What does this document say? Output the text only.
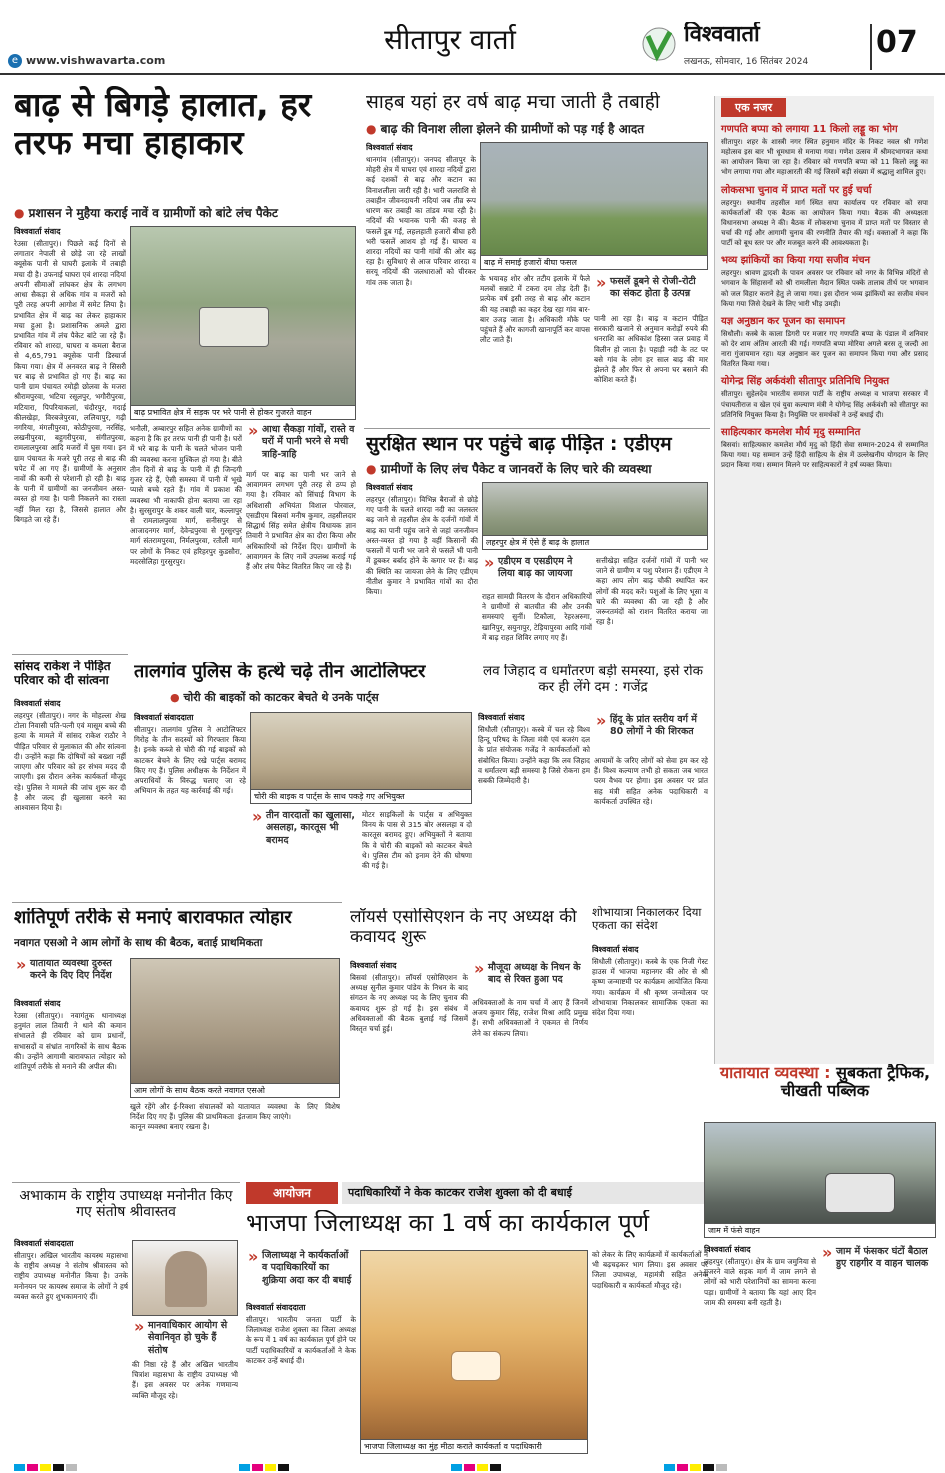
e www.vishwavarta.com
सीतापुर वार्ता	विश्ववार्ता
लखनऊ, सोमवार, 16 सितंबर 2024
07
बाढ़ से बिगड़े हालात, हर तरफ मचा हाहाकार
● प्रशासन ने मुहैया कराई नावें व ग्रामीणों को बांटे लंच पैकेट
विश्ववार्ता संवाद
रेउसा (सीतापुर)। पिछले कई दिनों से लगातार नेपाली से छोड़े जा रहे लाखों क्यूसेक पानी से घाघरी इलाके में तबाही मचा दी है। उफनाई घाघरा एवं शारदा नदियां अपनी सीमाओं लांघकर क्षेत्र के लगभग आधा सैकड़ा से अधिक गांव व मजरों को पूरी तरह अपनी आगोश में समेट लिया है। प्रभावित क्षेत्र में बाढ़ का लेकर हाहाकार मचा हुआ है। प्रशासनिक अमले द्वारा प्रभावित गांव में लंच पैकेट बांटे जा रहे हैं। रविवार को शारदा, घाघरा व कमला बैराज से 4,65,791 क्यूसेक पानी डिस्चार्ज किया गया। क्षेत्र में अनवरत बाढ़ ने सिसरी चर बाढ़ से प्रभावित हो गए हैं। बाढ़ का पानी ग्राम पंचायत रमोड़ी छोलवा के मजरा श्रीरामपुरवा, भटिया रसूलपुर, भगौरीपुरवा, मटियारा, पिपरियाकलां, चंदौरपुर, गदाई कीलखेड़ा, विरबजेपुरवा, ललियापुर, गढ़ी नगरिया, मंगलीपुरवा, कोठीपुरवा, नरसिंह, लखनीपुरवा, बहुगरीपुरवा, संगीतपुरवा, रामलालपुरवा आदि मजरों में घुस गया। इन ग्राम पंचायत के मजरे पूरी तरह से बाढ़ की चपेट में आ गए हैं। ग्रामीणों के अनुसार नावों की कमी से परेशानी हो रही है। बाढ़ के पानी में ग्रामीणों का जनजीवन अस्त-व्यस्त हो गया है। पानी निकलने का रास्ता नहीं मिल रहा है, जिससे हालात और बिगड़ते जा रहे हैं।
बाढ़ प्रभावित क्षेत्र में सड़क पर भरे पानी से होकर गुजरते वाहन
भनौली, अम्बारपुर सहित अनेक ग्रामीणों का कहना है कि हर तरफ पानी ही पानी है। घरों में भरे बाढ़ के पानी के चलते भोजन पानी की व्यवस्था करना मुश्किल हो गया है। बीते तीन दिनों से बाढ़ के पानी में ही जिन्दगी गुजर रहे हैं, ऐसी समस्या में पानी में भूखे प्यासे बच्चे रहते हैं। गांव में प्रकाश की व्यवस्था भी नाकाफी होना बताया जा रहा है। सुरसुरापुर के शकर वाली चार, कल्लापुर से रामलालपुरवा मार्ग, सनीसपुर से आजादनगर मार्ग, देवेन्द्रपुरवा से गुरसुरपुर मार्ग संतरामपुरवा, निर्मलपुरवा, रतौली मार्ग पर लोगों के निकट एवं हरिहरपुर कुडसौरा, मदरसेलिहा गुरसुरपुर।
» आधा सैकड़ा गांवों, रास्ते व घरों में पानी भरने से मची त्राहि-त्राहि
मार्ग पर बाढ़ का पानी भर जाने से आवागमन लगभग पूरी तरह से ठप्प हो गया है। रविवार को सिंचाई विभाग के अधिशासी अभियंता विशाल पोरवाल, एसडीएम बिसवां मनीष कुमार, तहसीलदार सिद्धार्थ सिंह समेत क्षेत्रीय विधायक ज्ञान तिवारी ने प्रभावित क्षेत्र का दौरा किया और अधिकारियों को निर्देश दिए। ग्रामीणों के आवागमन के लिए नावें उपलब्ध कराई गई हैं और लंच पैकेट वितरित किए जा रहे हैं।
साहब यहां हर वर्ष बाढ़ मचा जाती है तबाही
● बाढ़ की विनाश लीला झेलने की ग्रामीणों को पड़ गई है आदत
विश्ववार्ता संवाद
थानगांव (सीतापुर)। जनपद सीतापुर के मोहरी क्षेत्र में घाघरा एवं शारदा नदियों द्वारा कई दशकों से बाढ़ और कटान का विनाशलीला जारी रही है। भारी जलराशि से तबाहीन जीवनदायनी नदियां जब तीव्र रूप धारण कर तबाही का तांडव मचा रही है। नदियों की भयानक पानी की वजह से फसलें डूब गईं, लहलहाती हजारों बीघा हरी भरी फसलें आशय हो गई हैं। घाघरा व शारदा नदियों का पानी गांवों की ओर बढ़ रहा है। सुविधाएं से आज परिवार शारदा व सरयू नदियों की जलधाराओं को चीरकर गांव तक जाता है।
बाढ़ में समाई हजारों बीघा फसल
के भयावह शोर और तटीय इलाके में फैले मलबों सन्नाटे में टकरा दम तोड़ देती हैं। प्रत्येक वर्ष इसी तरह से बाढ़ और कटान की यह तबाही का कहर देख रहा गांव बार-बार उजड़ जाता है। अधिकारी मौके पर पहुंचते हैं और कागजी खानापूर्ति कर वापस लौट जाते हैं।
» फसलें डूबने से रोजी-रोटी का संकट होता है उत्पन्न
पानी आ रहा है। बाढ़ व कटान पीड़ित सरकारी खजाने से अनुमान करोड़ों रुपये की धनराशि का अधिकांश हिस्सा जल प्रवाह में विलीन हो जाता है। पहाड़ी नदी के तट पर बसे गांव के लोग हर साल बाढ़ की मार झेलते हैं और फिर से अपना घर बसाने की कोशिश करते हैं।
सुरक्षित स्थान पर पहुंचे बाढ़ पीड़ित : एडीएम
● ग्रामीणों के लिए लंच पैकेट व जानवरों के लिए चारे की व्यवस्था
विश्ववार्ता संवाद
लहरपुर (सीतापुर)। विभिन्न बैराजों से छोड़े गए पानी के चलते शारदा नदी का जलस्तर बढ़ जाने से तहसील क्षेत्र के दर्जनों गांवों में बाढ़ का पानी पहुंच जाने से जहां जनजीवन अस्त-व्यस्त हो गया है वहीं किसानों की फसलों में पानी भर जाने से फसलें भी पानी में डूबकर बर्बाद होने के कगार पर हैं। बाढ़ की स्थिति का जायजा लेने के लिए एडीएम नीतीश कुमार ने प्रभावित गांवों का दौरा किया।
लहरपुर क्षेत्र में ऐसे हैं बाढ़ के हालात
» एडीएम व एसडीएम ने लिया बाढ़ का जायजा
राहत सामग्री वितरण के दौरान अधिकारियों ने ग्रामीणों से बातचीत की और उनकी समस्याएं सुनीं। टिकौला, रेहरअरुगा, खानिपुर, सयुनापुर, टेड़ियापुरवा आदि गांवों में बाढ़ राहत शिविर लगाए गए हैं।
सत्तीखेड़ा सहित दर्जनों गांवों में पानी भर जाने से ग्रामीण व पशु परेशान हैं। एडीएम ने कहा आप लोग बाढ़ चौकी स्थापित कर लोगों की मदद करें। पशुओं के लिए भूसा व चारे की व्यवस्था की जा रही है और जरूरतमंदों को राशन वितरित कराया जा रहा है।
सांसद राकेश ने पीड़ित परिवार को दी सांत्वना
विश्ववार्ता संवाद
लहरपुर (सीतापुर)। नगर के मोहल्ला शेख टोला निवासी पति-पत्नी एवं मासूम बच्चे की हत्या के मामले में सांसद राकेश राठौर ने पीड़ित परिवार से मुलाकात की और सांत्वना दी। उन्होंने कहा कि दोषियों को बख्शा नहीं जाएगा और परिवार को हर संभव मदद दी जाएगी। इस दौरान अनेक कार्यकर्ता मौजूद रहे। पुलिस ने मामले की जांच शुरू कर दी है और जल्द ही खुलासा करने का आश्वासन दिया है।
तालगांव पुलिस के हत्थे चढ़े तीन आटोलिफ्टर
● चोरी की बाइकों को काटकर बेचते थे उनके पार्ट्स
विश्ववार्ता संवाददाता
सीतापुर। तालगांव पुलिस ने आटोलिफ्टर गिरोह के तीन सदस्यों को गिरफ्तार किया है। इनके कब्जे से चोरी की गई बाइकों को काटकर बेचने के लिए रखे पार्ट्स बरामद किए गए हैं। पुलिस अधीक्षक के निर्देशन में अपराधियों के विरुद्ध चलाए जा रहे अभियान के तहत यह कार्रवाई की गई।
चोरी की बाइक व पार्ट्स के साथ पकड़े गए अभियुक्त
» तीन वारदातों का खुलासा, असलहा, कारतूस भी बरामद
मोटर साइकिलों के पार्ट्स व अभियुक्त विनय के पास से 315 बोर असलहा व दो कारतूस बरामद हुए। अभियुक्तों ने बताया कि वे चोरी की बाइकों को काटकर बेचते थे। पुलिस टीम को इनाम देने की घोषणा की गई है।
लव जिहाद व धर्मांतरण बड़ी समस्या, इसे रोक कर ही लेंगे दम : गजेंद्र
विश्ववार्ता संवाद
सिधौली (सीतापुर)। कस्बे में चल रहे विश्व हिन्दू परिषद के जिला मंत्री एवं बजरंग दल के प्रांत संयोजक गजेंद्र ने कार्यकर्ताओं को संबोधित किया। उन्होंने कहा कि लव जिहाद व धर्मांतरण बड़ी समस्या है जिसे रोकना हम सबकी जिम्मेदारी है।
» हिंदू के प्रांत स्तरीय वर्ग में 80 लोगों ने की शिरकत
आयामों के जरिए लोगों को सेवा हम कर रहे हैं। विश्व कल्याण तभी हो सकता जब भारत परम वैभव पर होगा। इस अवसर पर प्रांत सह मंत्री सहित अनेक पदाधिकारी व कार्यकर्ता उपस्थित रहे।
शांतिपूर्ण तरीके से मनाएं बारावफात त्योहार
नवागत एसओ ने आम लोगों के साथ की बैठक, बताई प्राथमिकता
» यातायात व्यवस्था दुरुस्त करने के दिए दिए निर्देश
विश्ववार्ता संवाद
रेउसा (सीतापुर)। नवागंतुक थानाध्यक्ष हनुमंत लाल तिवारी ने थाने की कमान संभालते ही रविवार को ग्राम प्रधानों, सभासदों व संभ्रांत नागरिकों के साथ बैठक की। उन्होंने आगामी बारावफात त्योहार को शांतिपूर्ण तरीके से मनाने की अपील की।
आम लोगों के साथ बैठक करते नवागत एसओ
खुले रहेंगे और ई-रिक्शा संचालकों को निर्देश दिए गए हैं। पुलिस की प्राथमिकता कानून व्यवस्था बनाए रखना है।
यातायात व्यवस्था के लिए विशेष इंतजाम किए जाएंगे।
लॉयर्स एसोसिएशन के नए अध्यक्ष की कवायद शुरू
विश्ववार्ता संवाद
बिसवां (सीतापुर)। लॉयर्स एसोसिएशन के अध्यक्ष सुनील कुमार पांडेय के निधन के बाद संगठन के नए अध्यक्ष पद के लिए चुनाव की कवायद शुरू हो गई है। इस संबंध में अधिवक्ताओं की बैठक बुलाई गई जिसमें विस्तृत चर्चा हुई।
» मौजूदा अध्यक्ष के निधन के बाद से रिक्त हुआ पद
अधिवक्ताओं के नाम चर्चा में आए हैं जिनमें अजय कुमार सिंह, राजेश मिश्रा आदि प्रमुख हैं। सभी अधिवक्ताओं ने एकमत से निर्णय लेने का संकल्प लिया।
शोभायात्रा निकालकर दिया एकता का संदेश
विश्ववार्ता संवाद
सिधौली (सीतापुर)। कस्बे के एक निजी गेस्ट हाउस में भाजपा महानगर की ओर से श्री कृष्ण जन्माष्टमी पर कार्यक्रम आयोजित किया गया। कार्यक्रम में श्री कृष्ण जन्मोत्सव पर शोभायात्रा निकालकर सामाजिक एकता का संदेश दिया गया।
अभाकाम के राष्ट्रीय उपाध्यक्ष मनोनीत किए गए संतोष श्रीवास्तव
विश्ववार्ता संवाददाता
सीतापुर। अखिल भारतीय कायस्थ महासभा के राष्ट्रीय अध्यक्ष ने संतोष श्रीवास्तव को राष्ट्रीय उपाध्यक्ष मनोनीत किया है। उनके मनोनयन पर कायस्थ समाज के लोगों ने हर्ष व्यक्त करते हुए शुभकामनाएं दीं।
» मानवाधिकार आयोग से सेवानिवृत हो चुके हैं संतोष
की निष्ठा रहे हैं और अखिल भारतीय चित्रांश महासभा के राष्ट्रीय उपाध्यक्ष भी हैं। इस अवसर पर अनेक गणमान्य व्यक्ति मौजूद रहे।
आयोजन	पदाधिकारियों ने केक काटकर राजेश शुक्ला को दी बधाई
भाजपा जिलाध्यक्ष का 1 वर्ष का कार्यकाल पूर्ण
» जिलाध्यक्ष ने कार्यकर्ताओं व पदाधिकारियों का शुक्रिया अदा कर दी बधाई
विश्ववार्ता संवाददाता
सीतापुर। भारतीय जनता पार्टी के जिलाध्यक्ष राजेश शुक्ला का जिला अध्यक्ष के रूप में 1 वर्ष का कार्यकाल पूर्ण होने पर पार्टी पदाधिकारियों व कार्यकर्ताओं ने केक काटकर उन्हें बधाई दी।
भाजपा जिलाध्यक्ष का मुंह मीठा कराते कार्यकर्ता व पदाधिकारी
को लेकर के लिए कार्यक्रमों में कार्यकर्ताओं ने भी बढ़चढ़कर भाग लिया। इस अवसर पर जिला उपाध्यक्ष, महामंत्री सहित अनेक पदाधिकारी व कार्यकर्ता मौजूद रहे।
एक नजर
गणपति बप्पा को लगाया 11 किलो लड्डू का भोग
सीतापुर। शहर के शास्त्री नगर स्थित हनुमान मंदिर के निकट नवल श्री गणेश महोत्सव इस बार भी धूमधाम से मनाया गया। गणेश उत्सव में श्रीमदभागवत कथा का आयोजन किया जा रहा है। रविवार को गणपति बप्पा को 11 किलो लड्डू का भोग लगाया गया और महाआरती की गई जिसमें बड़ी संख्या में श्रद्धालु शामिल हुए।
लोकसभा चुनाव में प्राप्त मतों पर हुई चर्चा
लहरपुर। स्थानीय तहसील मार्ग स्थित सपा कार्यालय पर रविवार को सपा कार्यकर्ताओं की एक बैठक का आयोजन किया गया। बैठक की अध्यक्षता विधानसभा अध्यक्ष ने की। बैठक में लोकसभा चुनाव में प्राप्त मतों पर विस्तार से चर्चा की गई और आगामी चुनाव की रणनीति तैयार की गई। वक्ताओं ने कहा कि पार्टी को बूथ स्तर पर और मजबूत करने की आवश्यकता है।
भव्य झांकियों का किया गया सजीव मंचन
लहरपुर। श्रावण द्वादशी के पावन अवसर पर रविवार को नगर के विभिन्न मंदिरों से भगवान के सिंहासनों को श्री रामलीला मैदान स्थित पक्के तालाब तीर्थ पर भगवान को जल विहार कराने हेतु ले जाया गया। इस दौरान भव्य झांकियों का सजीव मंचन किया गया जिसे देखने के लिए भारी भीड़ उमड़ी।
यज्ञ अनुष्ठान कर पूजन का समापन
सिधौली। कस्बे के काला डिगरी पर मजार गए गणपति बप्पा के पंडाल में शनिवार को देर शाम अंतिम आरती की गई। गणपति बप्पा मोरिया अगले बरस तू जल्दी आ नारा गुंजायमान रहा। यज्ञ अनुष्ठान कर पूजन का समापन किया गया और प्रसाद वितरित किया गया।
योगेन्द्र सिंह अर्कवंशी सीतापुर प्रतिनिधि नियुक्त
सीतापुर। सुहेलदेव भारतीय समाज पार्टी के राष्ट्रीय अध्यक्ष व भाजपा सरकार में पंचायतीराज व खेल एवं युवा कल्याण मंत्री ने योगेन्द्र सिंह अर्कवंशी को सीतापुर का प्रतिनिधि नियुक्त किया है। नियुक्ति पर समर्थकों ने उन्हें बधाई दी।
साहित्यकार कमलेश मौर्य मृदु सम्मानित
बिसवां। साहित्यकार कमलेश मौर्य मृदु को हिंदी सेवा सम्मान-2024 से सम्मानित किया गया। यह सम्मान उन्हें हिंदी साहित्य के क्षेत्र में उल्लेखनीय योगदान के लिए प्रदान किया गया। सम्मान मिलने पर साहित्यकारों ने हर्ष व्यक्त किया।
यातायात व्यवस्था : सुबकता ट्रैफिक, चीखती पब्लिक
जाम में फंसे वाहन
विश्ववार्ता संवाद
लहरपुर (सीतापुर)। क्षेत्र के ग्राम जमुनिया से गुजरने वाले सड़क मार्ग में जाम लगने से लोगों को भारी परेशानियों का सामना करना पड़ा। ग्रामीणों ने बताया कि यहां आए दिन जाम की समस्या बनी रहती है।
» जाम में फंसकर घंटों बैठाल हुए राहगीर व वाहन चालक
